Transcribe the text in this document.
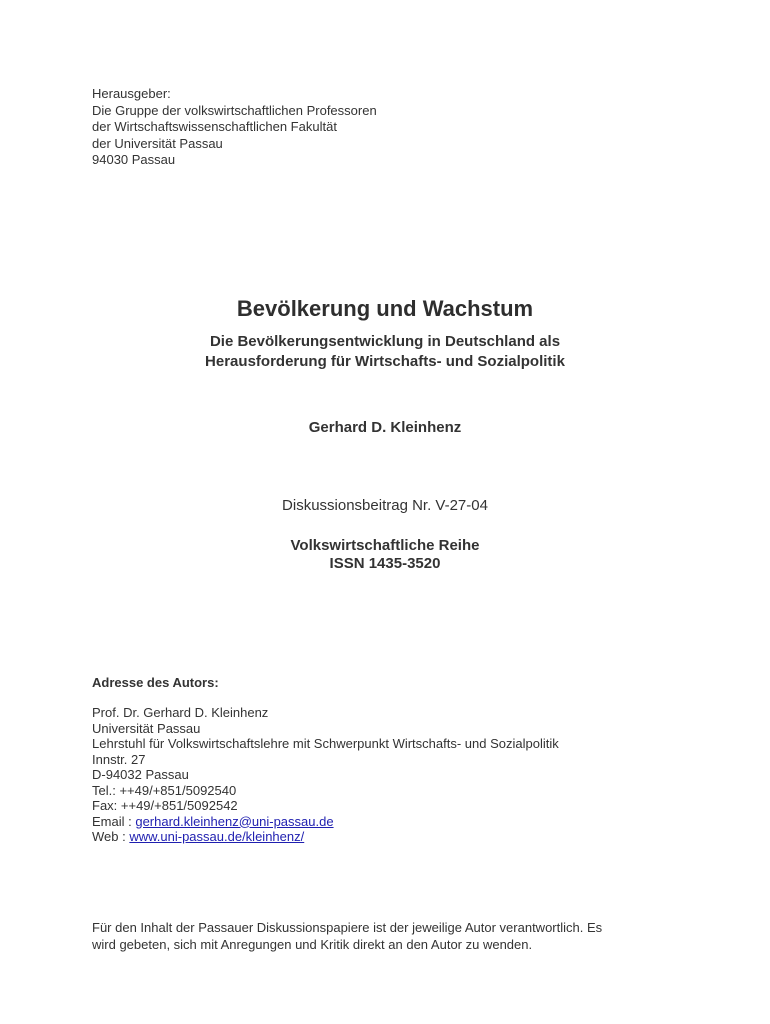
Herausgeber:
Die Gruppe der volkswirtschaftlichen Professoren
der Wirtschaftswissenschaftlichen Fakultät
der Universität Passau
94030 Passau
Bevölkerung und Wachstum
Die Bevölkerungsentwicklung in Deutschland als
Herausforderung für Wirtschafts- und Sozialpolitik
Gerhard D. Kleinhenz
Diskussionsbeitrag Nr. V-27-04
Volkswirtschaftliche Reihe
ISSN 1435-3520
Adresse des Autors:
Prof. Dr. Gerhard D. Kleinhenz
Universität Passau
Lehrstuhl für Volkswirtschaftslehre mit Schwerpunkt Wirtschafts- und Sozialpolitik
Innstr. 27
D-94032 Passau
Tel.: ++49/+851/5092540
Fax: ++49/+851/5092542
Email : gerhard.kleinhenz@uni-passau.de
Web : www.uni-passau.de/kleinhenz/
Für den Inhalt der Passauer Diskussionspapiere ist der jeweilige Autor verantwortlich. Es
wird gebeten, sich mit Anregungen und Kritik direkt an den Autor zu wenden.
